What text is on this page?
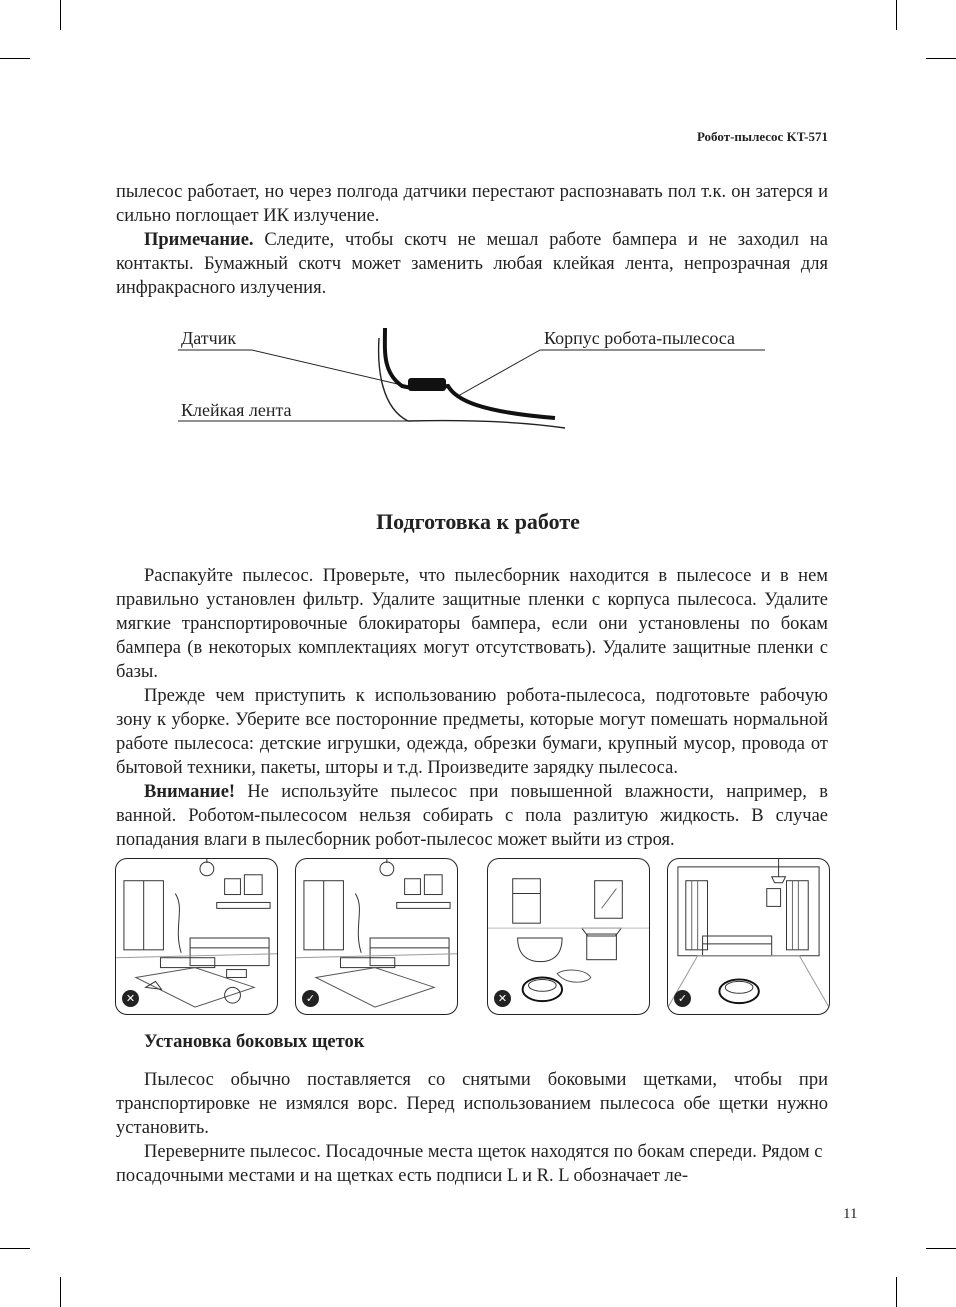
Робот-пылесос KT-571

пылесос работает, но через полгода датчики перестают распознавать пол т.к. он затерся и сильно поглощает ИК излучение.

Примечание. Следите, чтобы скотч не мешал работе бампера и не заходил на контакты. Бумажный скотч может заменить любая клейкая лента, непрозрачная для инфракрасного излучения.

Датчик
Клейкая лента
Корпус робота-пылесоса
Подготовка к работе

Распакуйте пылесос. Проверьте, что пылесборник находится в пылесосе и в нем правильно установлен фильтр. Удалите защитные пленки с корпуса пылесоса. Удалите мягкие транспортировочные блокираторы бампера, если они установлены по бокам бампера (в некоторых комплектациях могут отсутствовать). Удалите защитные пленки с базы.

Прежде чем приступить к использованию робота-пылесоса, подготовьте рабочую зону к уборке. Уберите все посторонние предметы, которые могут помешать нормальной работе пылесоса: детские игрушки, одежда, обрезки бумаги, крупный мусор, провода от бытовой техники, пакеты, шторы и т.д. Произведите зарядку пылесоса.

Внимание! Не используйте пылесос при повышенной влажности, например, в ванной. Роботом-пылесосом нельзя собирать с пола разлитую жидкость. В случае попадания влаги в пылесборник робот-пылесос может выйти из строя.

✕	✓	✕	✓
Установка боковых щеток

Пылесос обычно поставляется со снятыми боковыми щетками, чтобы при транспортировке не измялся ворс. Перед использованием пылесоса обе щетки нужно установить.

Переверните пылесос. Посадочные места щеток находятся по бокам спереди. Рядом с посадочными местами и на щетках есть подписи L и R. L обозначает ле-

11
